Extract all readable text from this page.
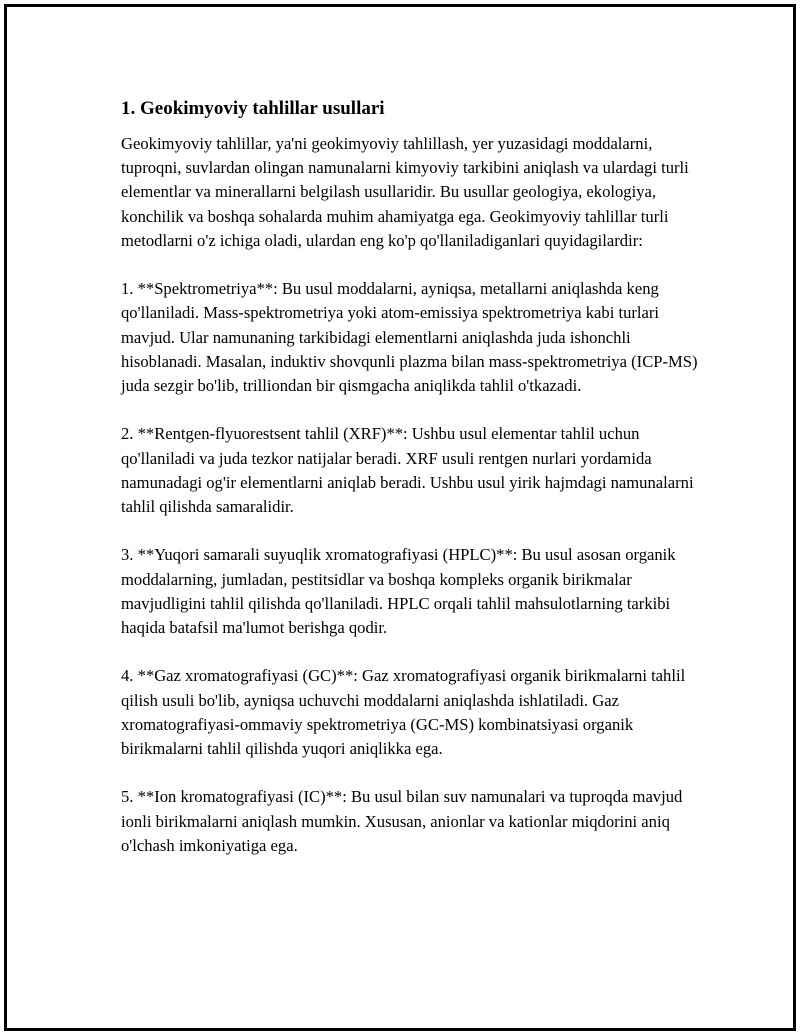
1. Geokimyoviy tahlillar usullari

Geokimyoviy tahlillar, ya'ni geokimyoviy tahlillash, yer yuzasidagi moddalarni, tuproqni, suvlardan olingan namunalarni kimyoviy tarkibini aniqlash va ulardagi turli elementlar va minerallarni belgilash usullaridir. Bu usullar geologiya, ekologiya, konchilik va boshqa sohalarda muhim ahamiyatga ega. Geokimyoviy tahlillar turli metodlarni o'z ichiga oladi, ulardan eng ko'p qo'llaniladiganlari quyidagilardir:

1. **Spektrometriya**: Bu usul moddalarni, ayniqsa, metallarni aniqlashda keng qo'llaniladi. Mass-spektrometriya yoki atom-emissiya spektrometriya kabi turlari mavjud. Ular namunaning tarkibidagi elementlarni aniqlashda juda ishonchli hisoblanadi. Masalan, induktiv shovqunli plazma bilan mass-spektrometriya (ICP-MS) juda sezgir bo'lib, trilliondan bir qismgacha aniqlikda tahlil o'tkazadi.

2. **Rentgen-flyuorestsent tahlil (XRF)**: Ushbu usul elementar tahlil uchun qo'llaniladi va juda tezkor natijalar beradi. XRF usuli rentgen nurlari yordamida namunadagi og'ir elementlarni aniqlab beradi. Ushbu usul yirik hajmdagi namunalarni tahlil qilishda samaralidir.

3. **Yuqori samarali suyuqlik xromatografiyasi (HPLC)**: Bu usul asosan organik moddalarning, jumladan, pestitsidlar va boshqa kompleks organik birikmalar mavjudligini tahlil qilishda qo'llaniladi. HPLC orqali tahlil mahsulotlarning tarkibi haqida batafsil ma'lumot berishga qodir.

4. **Gaz xromatografiyasi (GC)**: Gaz xromatografiyasi organik birikmalarni tahlil qilish usuli bo'lib, ayniqsa uchuvchi moddalarni aniqlashda ishlatiladi. Gaz xromatografiyasi-ommaviy spektrometriya (GC-MS) kombinatsiyasi organik birikmalarni tahlil qilishda yuqori aniqlikka ega.

5. **Ion kromatografiyasi (IC)**: Bu usul bilan suv namunalari va tuproqda mavjud ionli birikmalarni aniqlash mumkin. Xususan, anionlar va kationlar miqdorini aniq o'lchash imkoniyatiga ega.
